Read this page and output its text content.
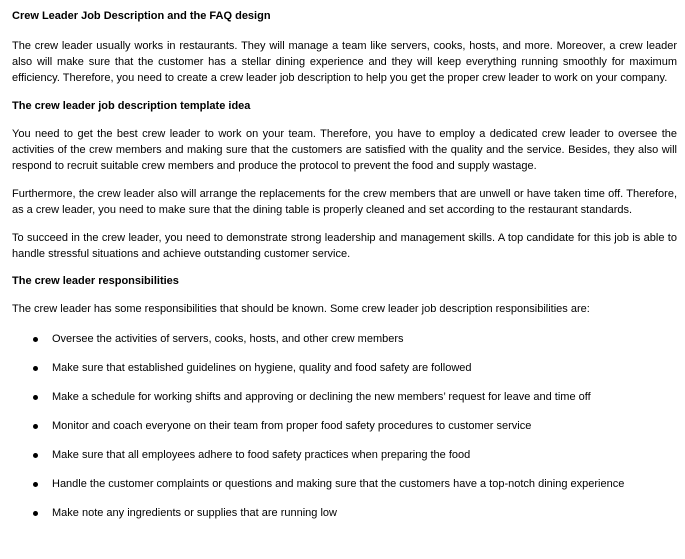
Crew Leader Job Description and the FAQ design

The crew leader usually works in restaurants. They will manage a team like servers, cooks, hosts, and more. Moreover, a crew leader also will make sure that the customer has a stellar dining experience and they will keep everything running smoothly for maximum efficiency. Therefore, you need to create a crew leader job description to help you get the proper crew leader to work on your company.

The crew leader job description template idea

You need to get the best crew leader to work on your team. Therefore, you have to employ a dedicated crew leader to oversee the activities of the crew members and making sure that the customers are satisfied with the quality and the service. Besides, they also will respond to recruit suitable crew members and produce the protocol to prevent the food and supply wastage.

Furthermore, the crew leader also will arrange the replacements for the crew members that are unwell or have taken time off. Therefore, as a crew leader, you need to make sure that the dining table is properly cleaned and set according to the restaurant standards.

To succeed in the crew leader, you need to demonstrate strong leadership and management skills. A top candidate for this job is able to handle stressful situations and achieve outstanding customer service.

The crew leader responsibilities

The crew leader has some responsibilities that should be known. Some crew leader job description responsibilities are:

Oversee the activities of servers, cooks, hosts, and other crew members
Make sure that established guidelines on hygiene, quality and food safety are followed
Make a schedule for working shifts and approving or declining the new members’ request for leave and time off
Monitor and coach everyone on their team from proper food safety procedures to customer service
Make sure that all employees adhere to food safety practices when preparing the food
Handle the customer complaints or questions and making sure that the customers have a top-notch dining experience
Make note any ingredients or supplies that are running low
